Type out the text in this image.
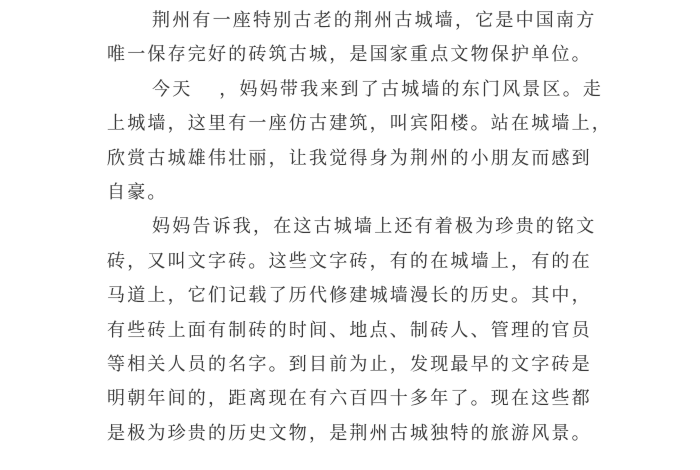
荆州有一座特别古老的荆州古城墙，它是中国南方
唯一保存完好的砖筑古城，是国家重点文物保护单位。
今天　 ，妈妈带我来到了古城墙的东门风景区。走
上城墙，这里有一座仿古建筑，叫宾阳楼。站在城墙上，
欣赏古城雄伟壮丽，让我觉得身为荆州的小朋友而感到
自豪。
妈妈告诉我，在这古城墙上还有着极为珍贵的铭文
砖，又叫文字砖。这些文字砖，有的在城墙上，有的在
马道上，它们记载了历代修建城墙漫长的历史。其中，
有些砖上面有制砖的时间、地点、制砖人、管理的官员
等相关人员的名字。到目前为止，发现最早的文字砖是
明朝年间的，距离现在有六百四十多年了。现在这些都
是极为珍贵的历史文物，是荆州古城独特的旅游风景。
